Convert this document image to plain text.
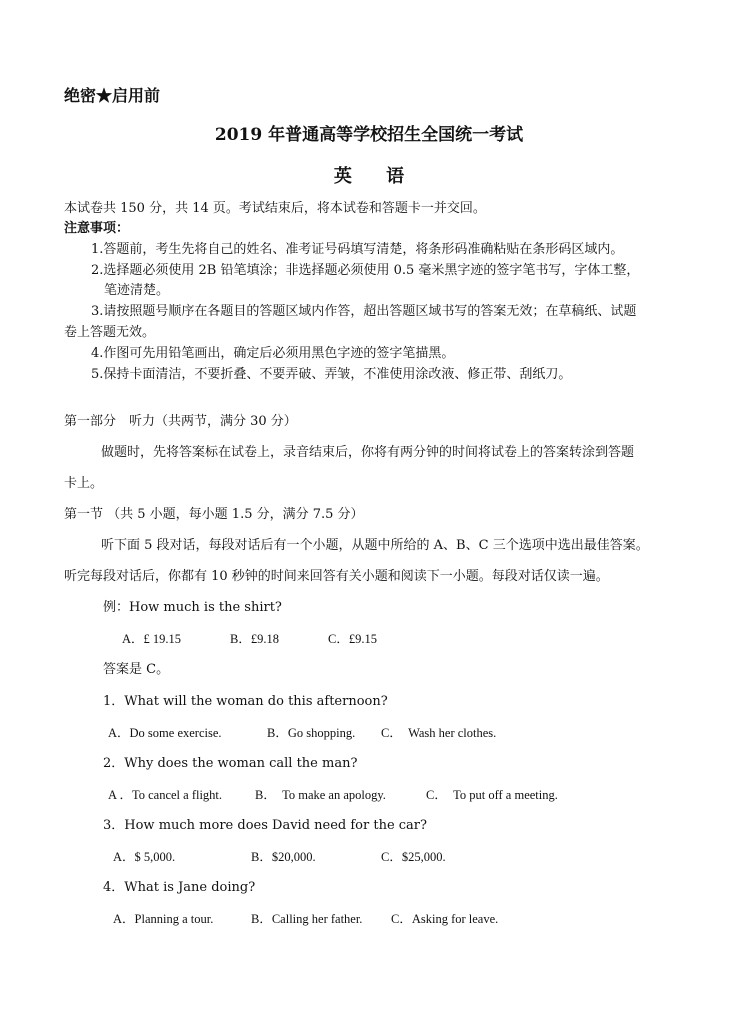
绝密★启用前
2019 年普通高等学校招生全国统一考试
英 语
本试卷共 150 分，共 14 页。考试结束后，将本试卷和答题卡一并交回。
注意事项：
1.答题前，考生先将自己的姓名、准考证号码填写清楚，将条形码准确粘贴在条形码区域内。
2.选择题必须使用 2B 铅笔填涂；非选择题必须使用 0.5 毫米黑字迹的签字笔书写，字体工整，
笔迹清楚。
3.请按照题号顺序在各题目的答题区域内作答，超出答题区域书写的答案无效；在草稿纸、试题
卷上答题无效。
4.作图可先用铅笔画出，确定后必须用黑色字迹的签字笔描黑。
5.保持卡面清洁，不要折叠、不要弄破、弄皱，不准使用涂改液、修正带、刮纸刀。
第一部分　听力（共两节，满分 30 分）
做题时，先将答案标在试卷上，录音结束后，你将有两分钟的时间将试卷上的答案转涂到答题
卡上。
第一节 （共 5 小题，每小题 1.5 分，满分 7.5 分）
听下面 5 段对话，每段对话后有一个小题，从题中所给的 A、B、C 三个选项中选出最佳答案。
听完每段对话后，你都有 10 秒钟的时间来回答有关小题和阅读下一小题。每段对话仅读一遍。
例：How much is the shirt?
A．£ 19.15	B．£9.18	C．£9.15
答案是 C。
1．What will the woman do this afternoon?
A．Do some exercise.	B．Go shopping. C．　Wash her clothes.
2．Why does the woman call the man?
A ．To cancel a flight.	B．　To make an apology.	C．　To put off a meeting.
3．How much more does David need for the car?
A．$ 5,000.	B．$20,000.	C．$25,000.
4．What is Jane doing?
A．Planning a tour.	B．Calling her father. C．Asking for leave.
